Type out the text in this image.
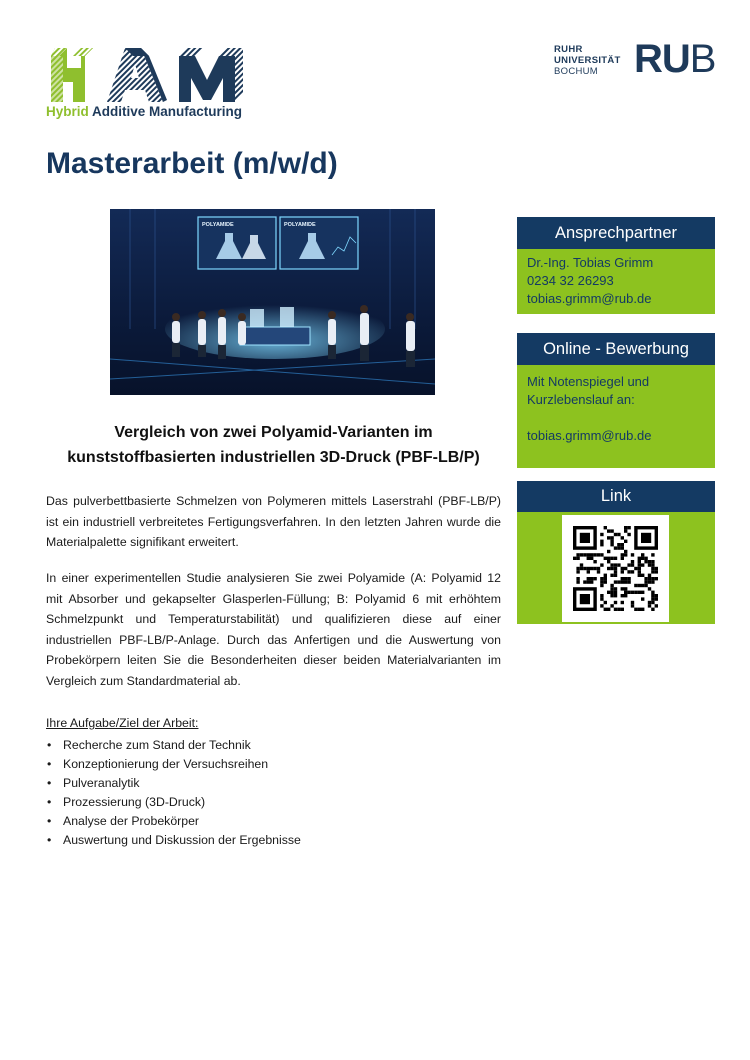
Hybrid Additive Manufacturing
RUHR
UNIVERSITÄT
BOCHUM RUB
Masterarbeit (m/w/d)
POLYAMIDE	POLYAMIDE
Vergleich von zwei Polyamid-Varianten im
kunststoffbasierten industriellen 3D-Druck (PBF-LB/P)
Das pulverbettbasierte Schmelzen von Polymeren mittels Laserstrahl (PBF-LB/P) ist ein industriell verbreitetes Fertigungsverfahren. In den letzten Jahren wurde die Materialpalette signifikant erweitert.
In einer experimentellen Studie analysieren Sie zwei Polyamide (A: Polyamid 12 mit Absorber und gekapselter Glasperlen-Füllung; B: Polyamid 6 mit erhöhtem Schmelzpunkt und Temperaturstabilität) und qualifizieren diese auf einer industriellen PBF-LB/P-Anlage. Durch das Anfertigen und die Auswertung von Probekörpern leiten Sie die Besonderheiten dieser beiden Materialvarianten im Vergleich zum Standardmaterial ab.
Ihre Aufgabe/Ziel der Arbeit:
• Recherche zum Stand der Technik
• Konzeptionierung der Versuchsreihen
• Pulveranalytik
• Prozessierung (3D-Druck)
• Analyse der Probekörper
• Auswertung und Diskussion der Ergebnisse
Ansprechpartner
Dr.-Ing. Tobias Grimm
0234 32 26293
tobias.grimm@rub.de
Online - Bewerbung
Mit Notenspiegel und
Kurzlebenslauf an:
tobias.grimm@rub.de
Link
